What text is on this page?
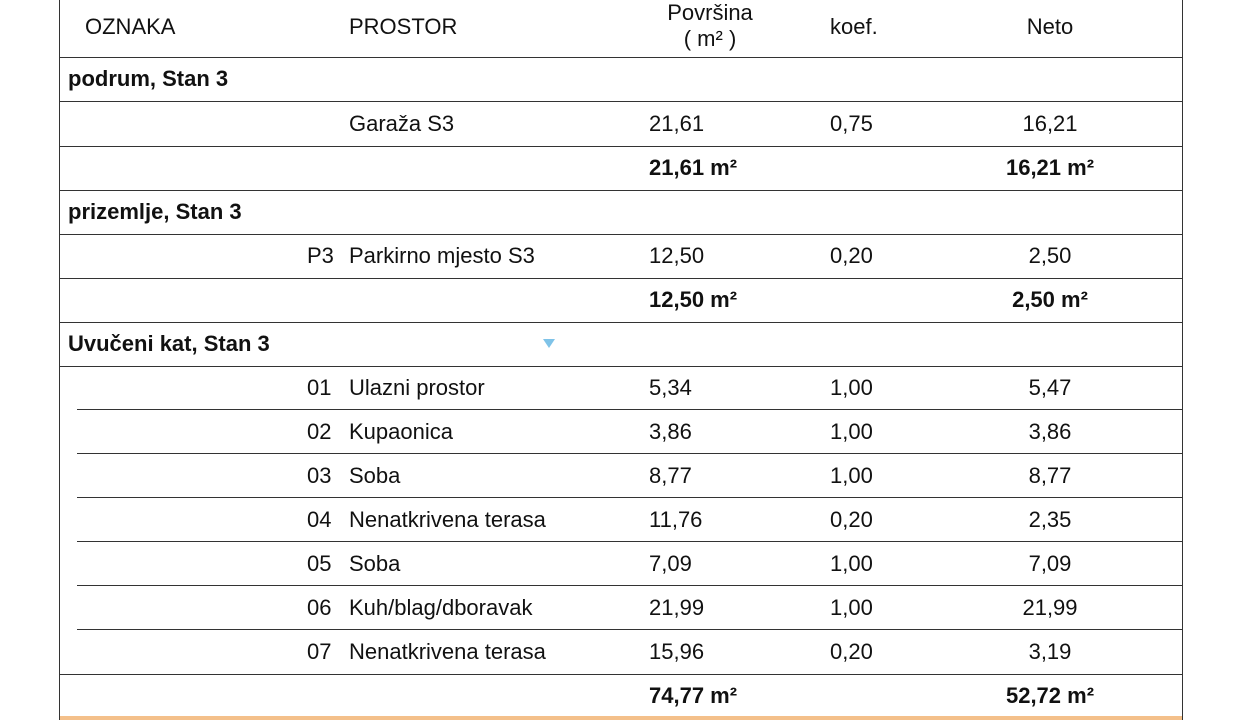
OZNAKA	PROSTOR
Površina
( m² )	koef.	Neto
podrum, Stan 3
Garaža S3	21,61	0,75	16,21
21,61 m²	16,21 m²
prizemlje, Stan 3
P3 Parkirno mjesto S3	12,50	0,20	2,50
12,50 m²	2,50 m²
Uvučeni kat, Stan 3
01 Ulazni prostor	5,34	1,00	5,47
02 Kupaonica	3,86	1,00	3,86
03 Soba	8,77	1,00	8,77
04 Nenatkrivena terasa	11,76	0,20	2,35
05 Soba	7,09	1,00	7,09
06 Kuh/blag/dboravak	21,99	1,00	21,99
07 Nenatkrivena terasa	15,96	0,20	3,19
74,77 m²	52,72 m²
